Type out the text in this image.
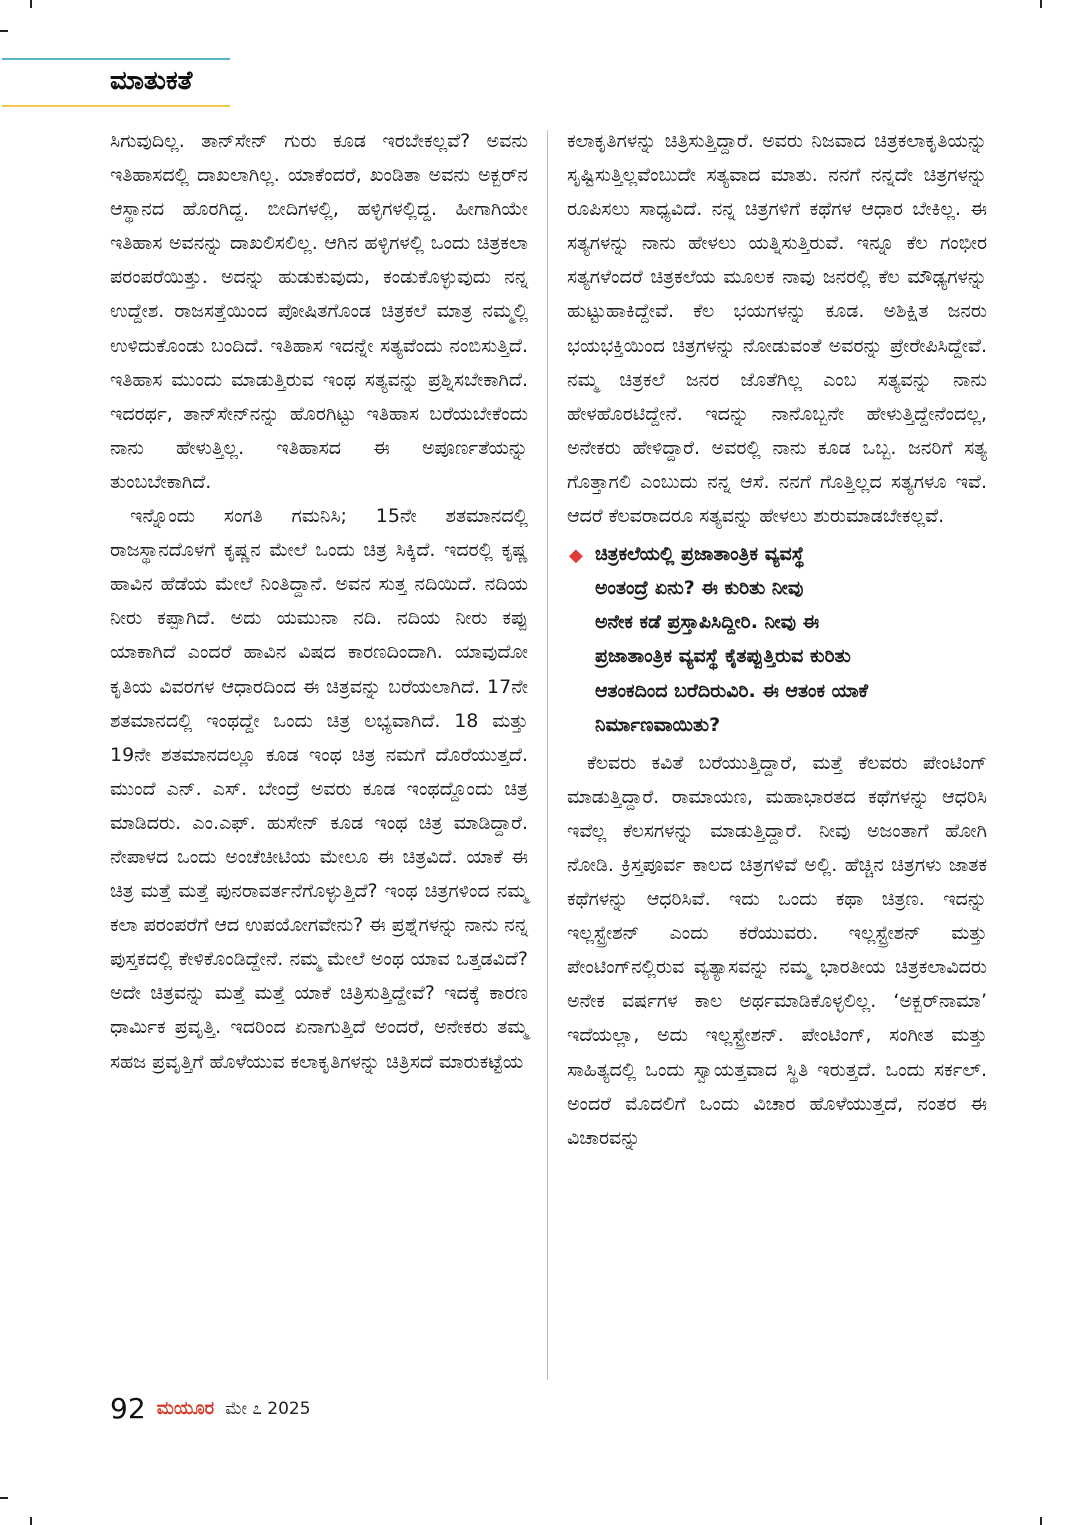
ಮಾತುಕತೆ

ಸಿಗುವುದಿಲ್ಲ. ತಾನ್‌ಸೇನ್ ಗುರು ಕೂಡ ಇರಬೇಕಲ್ಲವೆ? ಅವನು ಇತಿಹಾಸದಲ್ಲಿ ದಾಖಲಾಗಿಲ್ಲ. ಯಾಕೆಂದರೆ, ಖಂಡಿತಾ ಅವನು ಅಕ್ಬರ್‌ನ ಆಸ್ಥಾನದ ಹೊರಗಿದ್ದ. ಬೀದಿಗಳಲ್ಲಿ, ಹಳ್ಳಿಗಳಲ್ಲಿದ್ದ. ಹೀಗಾಗಿಯೇ ಇತಿಹಾಸ ಅವನನ್ನು ದಾಖಲಿಸಲಿಲ್ಲ. ಆಗಿನ ಹಳ್ಳಿಗಳಲ್ಲಿ ಒಂದು ಚಿತ್ರಕಲಾ ಪರಂಪರೆಯಿತ್ತು. ಅದನ್ನು ಹುಡುಕುವುದು, ಕಂಡುಕೊಳ್ಳುವುದು ನನ್ನ ಉದ್ದೇಶ. ರಾಜಸತ್ತೆಯಿಂದ ಪೋಷಿತಗೊಂಡ ಚಿತ್ರಕಲೆ ಮಾತ್ರ ನಮ್ಮಲ್ಲಿ ಉಳಿದುಕೊಂಡು ಬಂದಿದೆ. ಇತಿಹಾಸ ಇದನ್ನೇ ಸತ್ಯವೆಂದು ನಂಬಿಸುತ್ತಿದೆ. ಇತಿಹಾಸ ಮುಂದು ಮಾಡುತ್ತಿರುವ ಇಂಥ ಸತ್ಯವನ್ನು ಪ್ರಶ್ನಿಸಬೇಕಾಗಿದೆ. ಇದರರ್ಥ, ತಾನ್‌ಸೇನ್‌ನನ್ನು ಹೊರಗಿಟ್ಟು ಇತಿಹಾಸ ಬರೆಯಬೇಕೆಂದು ನಾನು ಹೇಳುತ್ತಿಲ್ಲ. ಇತಿಹಾಸದ ಈ ಅಪೂರ್ಣತೆಯನ್ನು ತುಂಬಬೇಕಾಗಿದೆ.

ಇನ್ನೊಂದು ಸಂಗತಿ ಗಮನಿಸಿ; 15ನೇ ಶತಮಾನದಲ್ಲಿ ರಾಜಸ್ಥಾನದೊಳಗೆ ಕೃಷ್ಣನ ಮೇಲೆ ಒಂದು ಚಿತ್ರ ಸಿಕ್ಕಿದೆ. ಇದರಲ್ಲಿ ಕೃಷ್ಣ ಹಾವಿನ ಹೆಡೆಯ ಮೇಲೆ ನಿಂತಿದ್ದಾನೆ. ಅವನ ಸುತ್ತ ನದಿಯಿದೆ. ನದಿಯ ನೀರು ಕಪ್ಪಾಗಿದೆ. ಅದು ಯಮುನಾ ನದಿ. ನದಿಯ ನೀರು ಕಪ್ಪು ಯಾಕಾಗಿದೆ ಎಂದರೆ ಹಾವಿನ ವಿಷದ ಕಾರಣದಿಂದಾಗಿ. ಯಾವುದೋ ಕೃತಿಯ ವಿವರಗಳ ಆಧಾರದಿಂದ ಈ ಚಿತ್ರವನ್ನು ಬರೆಯಲಾಗಿದೆ. 17ನೇ ಶತಮಾನದಲ್ಲಿ ಇಂಥದ್ದೇ ಒಂದು ಚಿತ್ರ ಲಭ್ಯವಾಗಿದೆ. 18 ಮತ್ತು 19ನೇ ಶತಮಾನದಲ್ಲೂ ಕೂಡ ಇಂಥ ಚಿತ್ರ ನಮಗೆ ದೊರೆಯುತ್ತದೆ. ಮುಂದೆ ಎನ್. ಎಸ್. ಬೇಂದ್ರೆ ಅವರು ಕೂಡ ಇಂಥದ್ದೊಂದು ಚಿತ್ರ ಮಾಡಿದರು. ಎಂ.ಎಫ್. ಹುಸೇನ್ ಕೂಡ ಇಂಥ ಚಿತ್ರ ಮಾಡಿದ್ದಾರೆ. ನೇಪಾಳದ ಒಂದು ಅಂಚೆಚೀಟಿಯ ಮೇಲೂ ಈ ಚಿತ್ರವಿದೆ. ಯಾಕೆ ಈ ಚಿತ್ರ ಮತ್ತೆ ಮತ್ತೆ ಪುನರಾವರ್ತನೆಗೊಳ್ಳುತ್ತಿದೆ? ಇಂಥ ಚಿತ್ರಗಳಿಂದ ನಮ್ಮ ಕಲಾ ಪರಂಪರೆಗೆ ಆದ ಉಪಯೋಗವೇನು? ಈ ಪ್ರಶ್ನೆಗಳನ್ನು ನಾನು ನನ್ನ ಪುಸ್ತಕದಲ್ಲಿ ಕೇಳಿಕೊಂಡಿದ್ದೇನೆ. ನಮ್ಮ ಮೇಲೆ ಅಂಥ ಯಾವ ಒತ್ತಡವಿದೆ? ಅದೇ ಚಿತ್ರವನ್ನು ಮತ್ತೆ ಮತ್ತೆ ಯಾಕೆ ಚಿತ್ರಿಸುತ್ತಿದ್ದೇವೆ? ಇದಕ್ಕೆ ಕಾರಣ ಧಾರ್ಮಿಕ ಪ್ರವೃತ್ತಿ. ಇದರಿಂದ ಏನಾಗುತ್ತಿದೆ ಅಂದರೆ, ಅನೇಕರು ತಮ್ಮ ಸಹಜ ಪ್ರವೃತ್ತಿಗೆ ಹೊಳೆಯುವ ಕಲಾಕೃತಿಗಳನ್ನು ಚಿತ್ರಿಸದೆ ಮಾರುಕಟ್ಟೆಯ

ಕಲಾಕೃತಿಗಳನ್ನು ಚಿತ್ರಿಸುತ್ತಿದ್ದಾರೆ. ಅವರು ನಿಜವಾದ ಚಿತ್ರಕಲಾಕೃತಿಯನ್ನು ಸೃಷ್ಟಿಸುತ್ತಿಲ್ಲವೆಂಬುದೇ ಸತ್ಯವಾದ ಮಾತು. ನನಗೆ ನನ್ನದೇ ಚಿತ್ರಗಳನ್ನು ರೂಪಿಸಲು ಸಾಧ್ಯವಿದೆ. ನನ್ನ ಚಿತ್ರಗಳಿಗೆ ಕಥೆಗಳ ಆಧಾರ ಬೇಕಿಲ್ಲ. ಈ ಸತ್ಯಗಳನ್ನು ನಾನು ಹೇಳಲು ಯತ್ನಿಸುತ್ತಿರುವೆ. ಇನ್ನೂ ಕೆಲ ಗಂಭೀರ ಸತ್ಯಗಳೆಂದರೆ ಚಿತ್ರಕಲೆಯ ಮೂಲಕ ನಾವು ಜನರಲ್ಲಿ ಕೆಲ ಮೌಢ್ಯಗಳನ್ನು ಹುಟ್ಟುಹಾಕಿದ್ದೇವೆ. ಕೆಲ ಭಯಗಳನ್ನು ಕೂಡ. ಅಶಿಕ್ಷಿತ ಜನರು ಭಯಭಕ್ತಿಯಿಂದ ಚಿತ್ರಗಳನ್ನು ನೋಡುವಂತೆ ಅವರನ್ನು ಪ್ರೇರೇಪಿಸಿದ್ದೇವೆ. ನಮ್ಮ ಚಿತ್ರಕಲೆ ಜನರ ಜೊತೆಗಿಲ್ಲ ಎಂಬ ಸತ್ಯವನ್ನು ನಾನು ಹೇಳಹೊರಟಿದ್ದೇನೆ. ಇದನ್ನು ನಾನೊಬ್ಬನೇ ಹೇಳುತ್ತಿದ್ದೇನೆಂದಲ್ಲ, ಅನೇಕರು ಹೇಳಿದ್ದಾರೆ. ಅವರಲ್ಲಿ ನಾನು ಕೂಡ ಒಬ್ಬ. ಜನರಿಗೆ ಸತ್ಯ ಗೊತ್ತಾಗಲಿ ಎಂಬುದು ನನ್ನ ಆಸೆ. ನನಗೆ ಗೊತ್ತಿಲ್ಲದ ಸತ್ಯಗಳೂ ಇವೆ. ಆದರೆ ಕೆಲವರಾದರೂ ಸತ್ಯವನ್ನು ಹೇಳಲು ಶುರುಮಾಡಬೇಕಲ್ಲವೆ.

◆ ಚಿತ್ರಕಲೆಯಲ್ಲಿ ಪ್ರಜಾತಾಂತ್ರಿಕ ವ್ಯವಸ್ಥೆ
ಅಂತಂದ್ರೆ ಏನು? ಈ ಕುರಿತು ನೀವು
ಅನೇಕ ಕಡೆ ಪ್ರಸ್ತಾಪಿಸಿದ್ದೀರಿ. ನೀವು ಈ
ಪ್ರಜಾತಾಂತ್ರಿಕ ವ್ಯವಸ್ಥೆ ಕೈತಪ್ಪುತ್ತಿರುವ ಕುರಿತು
ಆತಂಕದಿಂದ ಬರೆದಿರುವಿರಿ. ಈ ಆತಂಕ ಯಾಕೆ
ನಿರ್ಮಾಣವಾಯಿತು?

ಕೆಲವರು ಕವಿತೆ ಬರೆಯುತ್ತಿದ್ದಾರೆ, ಮತ್ತೆ ಕೆಲವರು ಪೇಂಟಿಂಗ್ ಮಾಡುತ್ತಿದ್ದಾರೆ. ರಾಮಾಯಣ, ಮಹಾಭಾರತದ ಕಥೆಗಳನ್ನು ಆಧರಿಸಿ ಇವೆಲ್ಲ ಕೆಲಸಗಳನ್ನು ಮಾಡುತ್ತಿದ್ದಾರೆ. ನೀವು ಅಜಂತಾಗೆ ಹೋಗಿ ನೋಡಿ. ಕ್ರಿಸ್ತಪೂರ್ವ ಕಾಲದ ಚಿತ್ರಗಳಿವೆ ಅಲ್ಲಿ. ಹೆಚ್ಚಿನ ಚಿತ್ರಗಳು ಜಾತಕ ಕಥೆಗಳನ್ನು ಆಧರಿಸಿವೆ. ಇದು ಒಂದು ಕಥಾ ಚಿತ್ರಣ. ಇದನ್ನು ಇಲ್ಲಸ್ಟ್ರೇಶನ್ ಎಂದು ಕರೆಯುವರು. ಇಲ್ಲಸ್ಟ್ರೇಶನ್ ಮತ್ತು ಪೇಂಟಿಂಗ್‌ನಲ್ಲಿರುವ ವ್ಯತ್ಯಾಸವನ್ನು ನಮ್ಮ ಭಾರತೀಯ ಚಿತ್ರಕಲಾವಿದರು ಅನೇಕ ವರ್ಷಗಳ ಕಾಲ ಅರ್ಥಮಾಡಿಕೊಳ್ಳಲಿಲ್ಲ. ‘ಅಕ್ಬರ್‌ನಾಮಾ’ ಇದೆಯಲ್ಲಾ, ಅದು ಇಲ್ಲಸ್ಟ್ರೇಶನ್. ಪೇಂಟಿಂಗ್, ಸಂಗೀತ ಮತ್ತು ಸಾಹಿತ್ಯದಲ್ಲಿ ಒಂದು ಸ್ವಾಯತ್ತವಾದ ಸ್ಥಿತಿ ಇರುತ್ತದೆ. ಒಂದು ಸರ್ಕಲ್. ಅಂದರೆ ಮೊದಲಿಗೆ ಒಂದು ವಿಚಾರ ಹೊಳೆಯುತ್ತದೆ, ನಂತರ ಈ ವಿಚಾರವನ್ನು

92 ಮಯೂರ ಮೇ ೭ 2025
